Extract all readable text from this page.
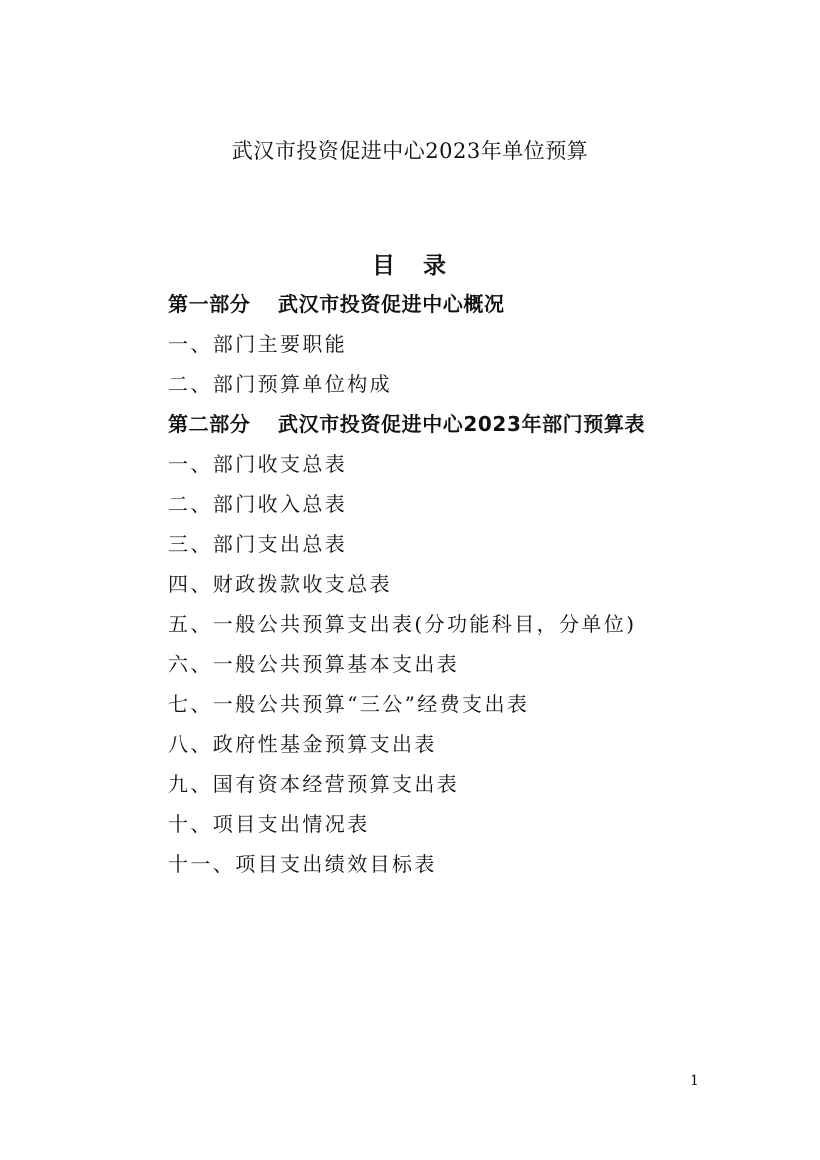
武汉市投资促进中心2023年单位预算
目 录
第一部分 武汉市投资促进中心概况
一、部门主要职能
二、部门预算单位构成
第二部分 武汉市投资促进中心2023年部门预算表
一、部门收支总表
二、部门收入总表
三、部门支出总表
四、财政拨款收支总表
五、一般公共预算支出表(分功能科目，分单位)
六、一般公共预算基本支出表
七、一般公共预算“三公”经费支出表
八、政府性基金预算支出表
九、国有资本经营预算支出表
十、项目支出情况表
十一、项目支出绩效目标表
1
